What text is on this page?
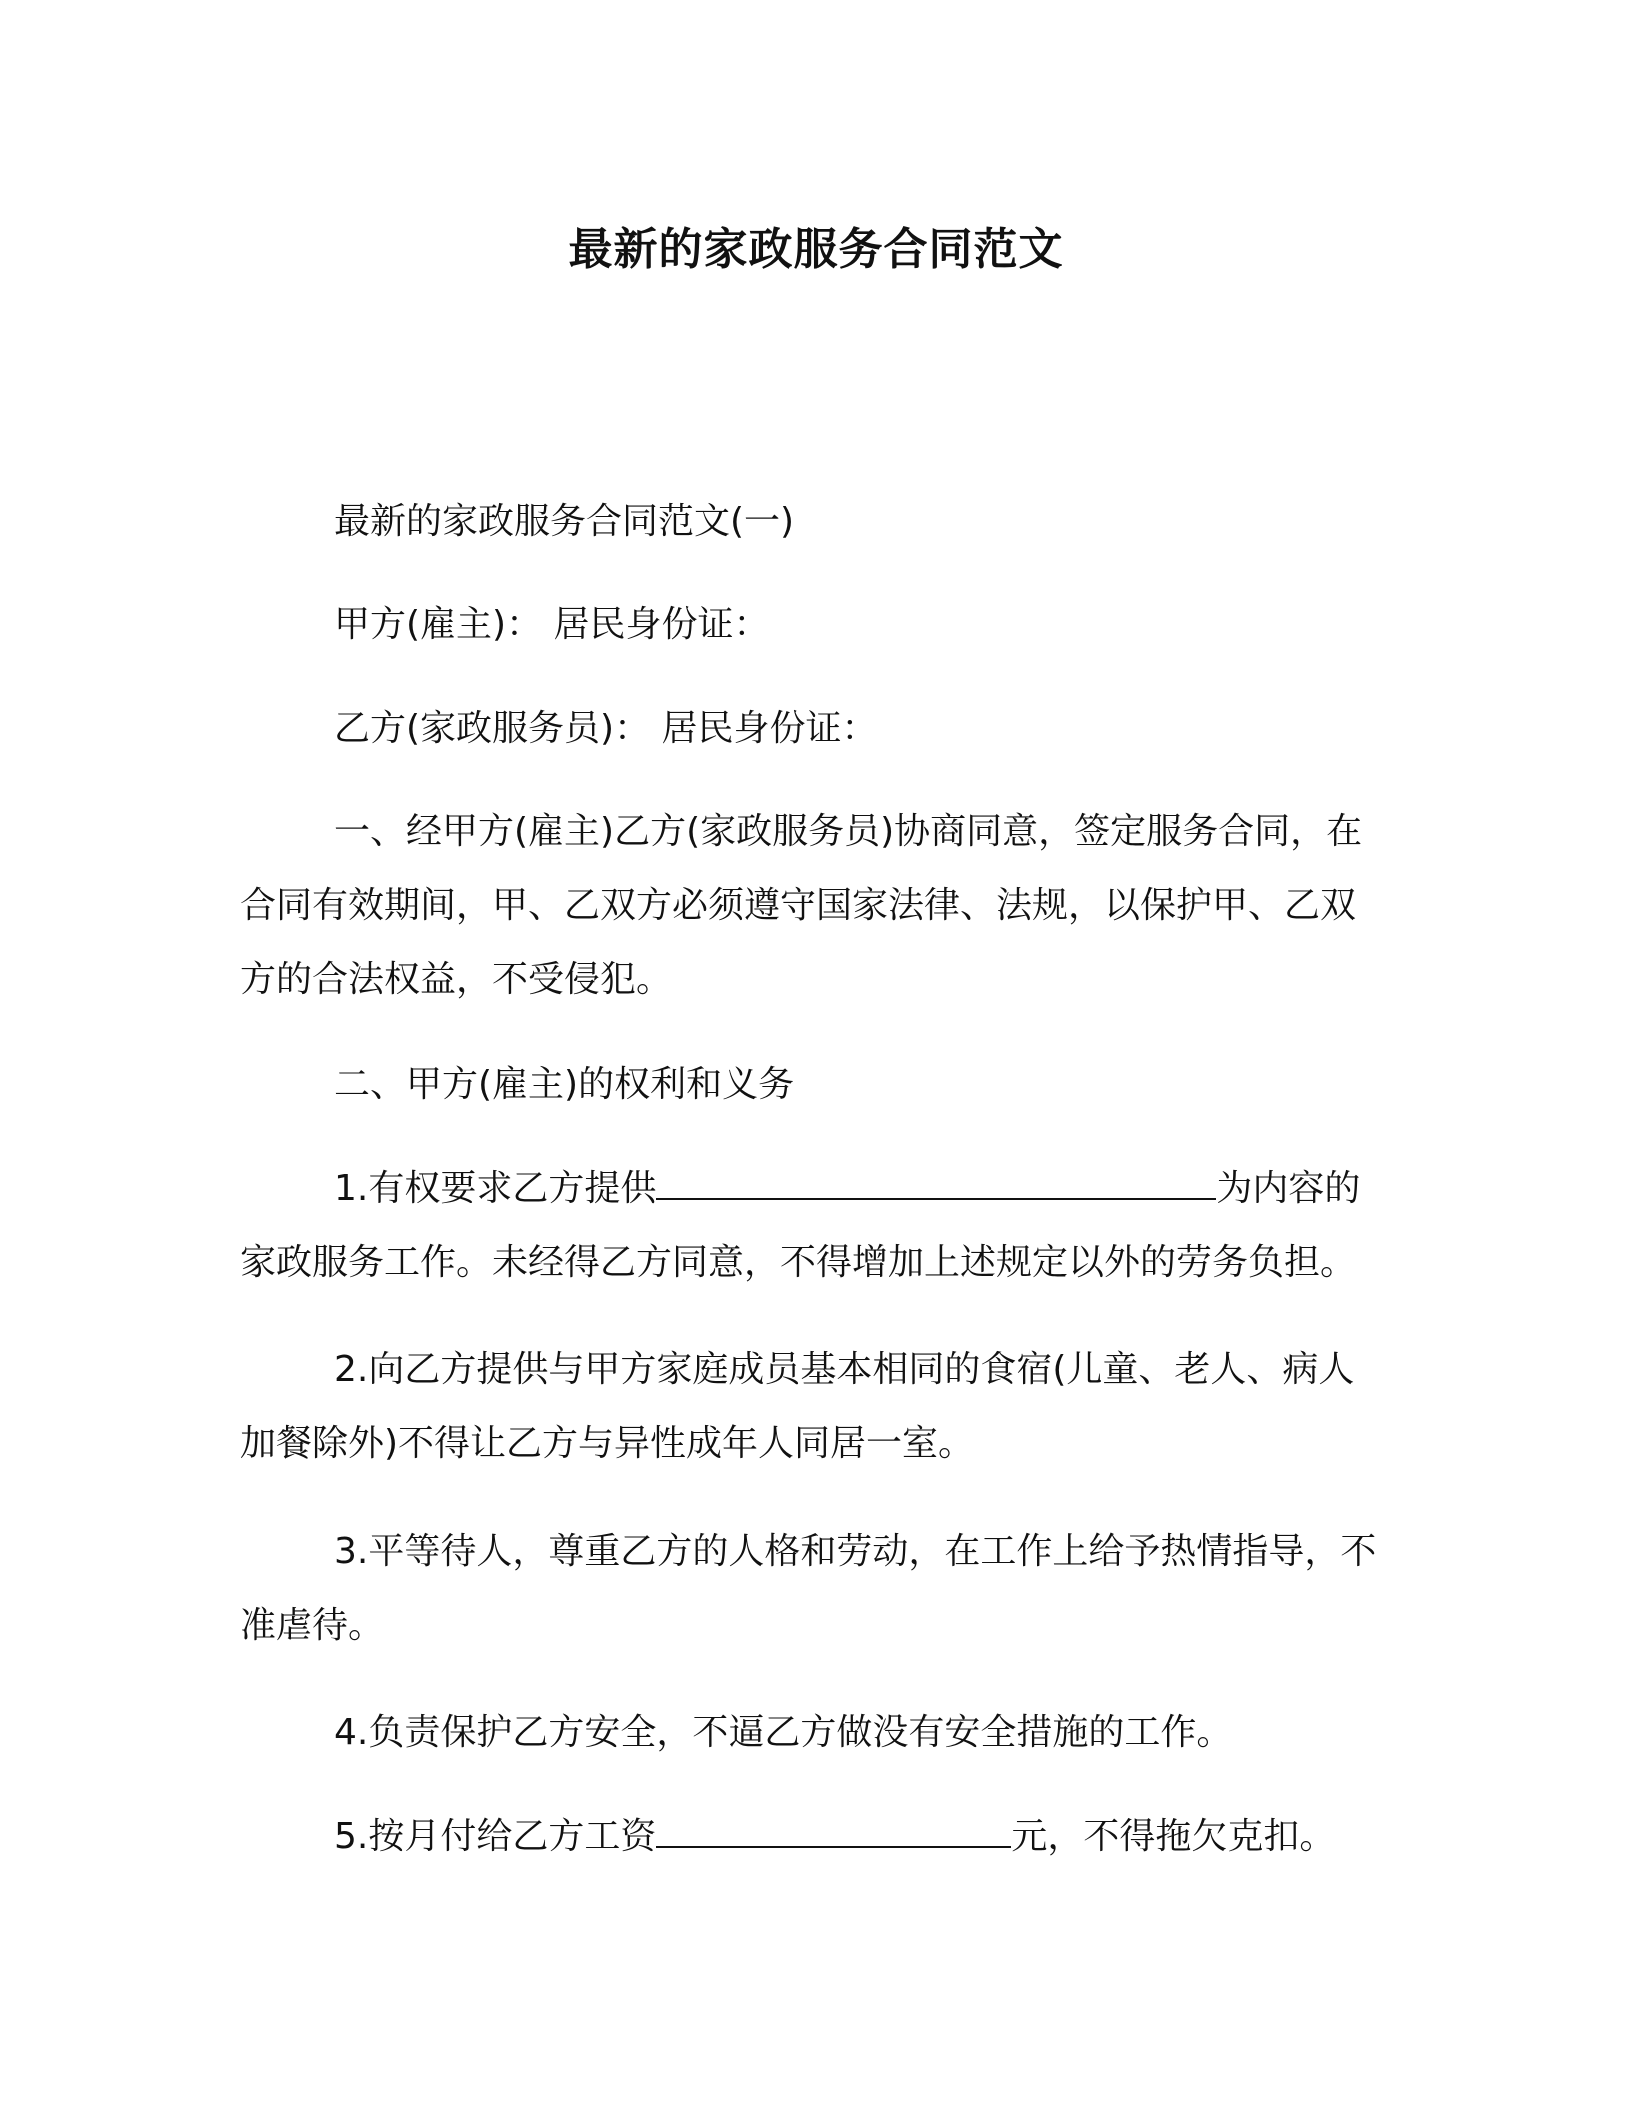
最新的家政服务合同范文

最新的家政服务合同范文(一)

甲方(雇主)： 居民身份证：

乙方(家政服务员)： 居民身份证：

一、经甲方(雇主)乙方(家政服务员)协商同意，签定服务合同，在合同有效期间，甲、乙双方必须遵守国家法律、法规，以保护甲、乙双方的合法权益，不受侵犯。

二、甲方(雇主)的权利和义务

1.有权要求乙方提供	为内容的家政服务工作。未经得乙方同意，不得增加上述规定以外的劳务负担。

2.向乙方提供与甲方家庭成员基本相同的食宿(儿童、老人、病人加餐除外)不得让乙方与异性成年人同居一室。

3.平等待人，尊重乙方的人格和劳动，在工作上给予热情指导，不准虐待。

4.负责保护乙方安全，不逼乙方做没有安全措施的工作。

5.按月付给乙方工资	元，不得拖欠克扣。
